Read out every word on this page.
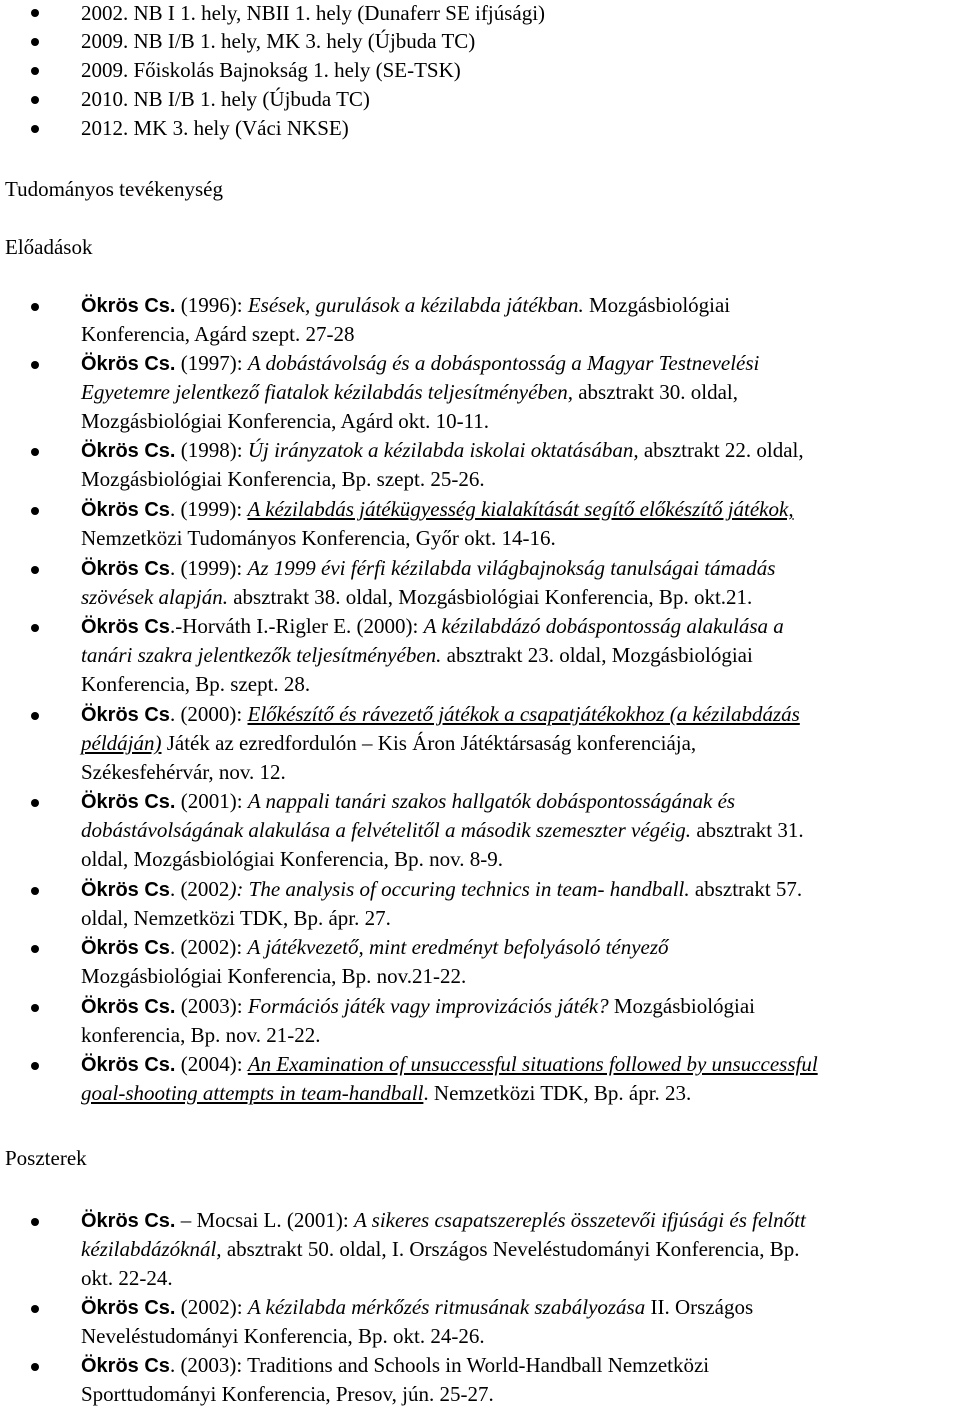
2002. NB I 1. hely, NBII 1. hely (Dunaferr SE ifjúsági)
2009. NB I/B 1. hely, MK 3. hely (Újbuda TC)
2009. Főiskolás Bajnokság 1. hely (SE-TSK)
2010. NB I/B 1. hely (Újbuda TC)
2012. MK 3. hely (Váci NKSE)
Tudományos tevékenység
Előadások
Ökrös Cs. (1996): Esések, gurulások a kézilabda játékban. Mozgásbiológiai
Konferencia, Agárd szept. 27-28
Ökrös Cs. (1997): A dobástávolság és a dobáspontosság a Magyar Testnevelési
Egyetemre jelentkező fiatalok kézilabdás teljesítményében, absztrakt 30. oldal,
Mozgásbiológiai Konferencia, Agárd okt. 10-11.
Ökrös Cs. (1998): Új irányzatok a kézilabda iskolai oktatásában, absztrakt 22. oldal,
Mozgásbiológiai Konferencia, Bp. szept. 25-26.
Ökrös Cs. (1999): A kézilabdás játékügyesség kialakítását segítő előkészítő játékok,
Nemzetközi Tudományos Konferencia, Győr okt. 14-16.
Ökrös Cs. (1999): Az 1999 évi férfi kézilabda világbajnokság tanulságai támadás
szövések alapján. absztrakt 38. oldal, Mozgásbiológiai Konferencia, Bp. okt.21.
Ökrös Cs.-Horváth I.-Rigler E. (2000): A kézilabdázó dobáspontosság alakulása a
tanári szakra jelentkezők teljesítményében. absztrakt 23. oldal, Mozgásbiológiai
Konferencia, Bp. szept. 28.
Ökrös Cs. (2000): Előkészítő és rávezető játékok a csapatjátékokhoz (a kézilabdázás
példáján) Játék az ezredfordulón – Kis Áron Játéktársaság konferenciája,
Székesfehérvár, nov. 12.
Ökrös Cs. (2001): A nappali tanári szakos hallgatók dobáspontosságának és
dobástávolságának alakulása a felvételitől a második szemeszter végéig. absztrakt 31.
oldal, Mozgásbiológiai Konferencia, Bp. nov. 8-9.
Ökrös Cs. (2002): The analysis of occuring technics in team- handball. absztrakt 57.
oldal, Nemzetközi TDK, Bp. ápr. 27.
Ökrös Cs. (2002): A játékvezető, mint eredményt befolyásoló tényező
Mozgásbiológiai Konferencia, Bp. nov.21-22.
Ökrös Cs. (2003): Formációs játék vagy improvizációs játék? Mozgásbiológiai
konferencia, Bp. nov. 21-22.
Ökrös Cs. (2004): An Examination of unsuccessful situations followed by unsuccessful
goal-shooting attempts in team-handball. Nemzetközi TDK, Bp. ápr. 23.
Poszterek
Ökrös Cs. – Mocsai L. (2001): A sikeres csapatszereplés összetevői ifjúsági és felnőtt
kézilabdázóknál, absztrakt 50. oldal, I. Országos Neveléstudományi Konferencia, Bp.
okt. 22-24.
Ökrös Cs. (2002): A kézilabda mérkőzés ritmusának szabályozása II. Országos
Neveléstudományi Konferencia, Bp. okt. 24-26.
Ökrös Cs. (2003): Traditions and Schools in World-Handball Nemzetközi
Sporttudományi Konferencia, Presov, jún. 25-27.
